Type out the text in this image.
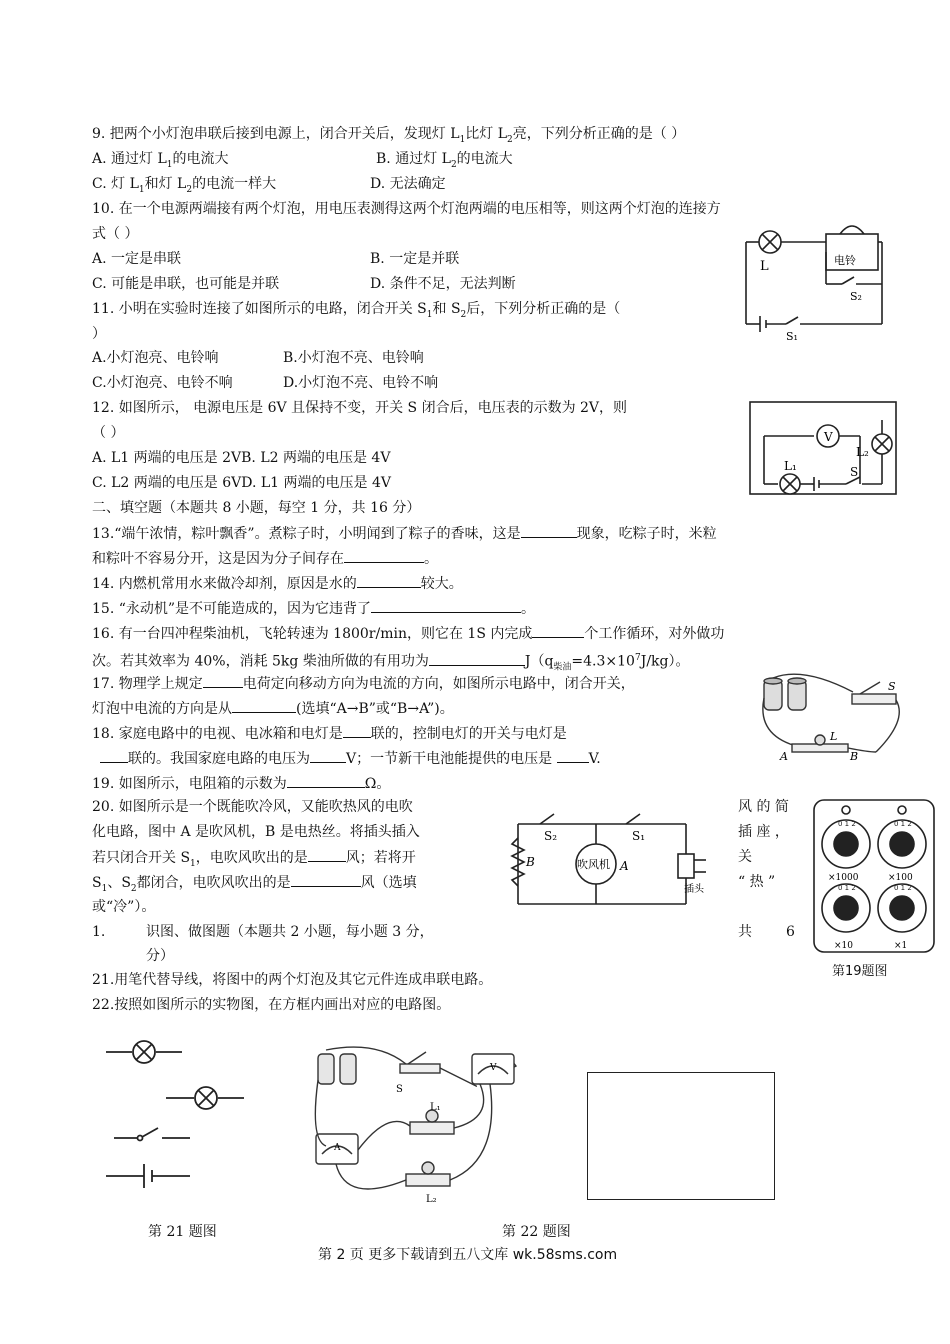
9. 把两个小灯泡串联后接到电源上，闭合开关后，发现灯 $L_1$比灯 $L_2$亮，下列分析正确的是（ ）
A. 通过灯 $L_1$的电流大	B. 通过灯 $L_2$的电流大
C. 灯 $L_1$和灯 $L_2$的电流一样大	D. 无法确定
10. 在一个电源两端接有两个灯泡，用电压表测得这两个灯泡两端的电压相等，则这两个灯泡的连接方
式（ ）
A. 一定是串联	B. 一定是并联
C. 可能是串联，也可能是并联	D. 条件不足，无法判断
L	电铃
S₂
S₁
11. 小明在实验时连接了如图所示的电路，闭合开关 $S_1$和 $S_2$后，下列分析正确的是（
）
A.小灯泡亮、电铃响	B.小灯泡不亮、电铃响
C.小灯泡亮、电铃不响	D.小灯泡不亮、电铃不响
V
L₁
L₂
S
12. 如图所示， 电源电压是 6V 且保持不变，开关 S 闭合后，电压表的示数为 2V，则
（ ）
A. L1 两端的电压是 2VB. L2 两端的电压是 4V
C. L2 两端的电压是 6VD. L1 两端的电压是 4V
二、填空题（本题共 8 小题，每空 1 分，共 16 分）
13.“端午浓情，粽叶飘香”。煮粽子时，小明闻到了粽子的香味，这是	现象，吃粽子时，米粒
和粽叶不容易分开，这是因为分子间存在	。
14. 内燃机常用水来做冷却剂，原因是水的	较大。
15. “永动机”是不可能造成的，因为它违背了	。
16. 有一台四冲程柴油机，飞轮转速为 1800r/min，则它在 1S 内完成	个工作循环，对外做功
次。若其效率为 40%，消耗 5kg 柴油所做的有用功为	$J(q_{柴油}=4.3\times 10^7J/kg)$。
S
A	B
L
17. 物理学上规定	电荷定向移动方向为电流的方向，如图所示电路中，闭合开关，
灯泡中电流的方向是从	(选填“A→B”或“B→A”)。
18. 家庭电路中的电视、电冰箱和电灯是 联的，控制电灯的开关与电灯是
联的。我国家庭电路的电压为	V；一节新干电池能提供的电压是	V.
19. 如图所示，电阻箱的示数为	Ω。
S₂	S₁
B	A
吹风机
插头
20. 如图所示是一个既能吹冷风，又能吹热风的电吹	风 的 简
化电路，图中 A 是吹风机，B 是电热丝。将插头插入	插 座 ，
若只闭合开关 $S_1$，电吹风吹出的是	风；若将开	关
$S_1$、$S_2$都闭合，电吹风吹出的是	风（选填	“ 热 ”
或“冷”）。
1.	识图、做图题（本题共 2 小题，每小题 3 分，	共 6
分）
0 1 2	0 1 2
0 1 2	0 1 2
×1000	×100
×10	×1
第19题图
21.用笔代替导线，将图中的两个灯泡及其它元件连成串联电路。
22.按照如图所示的实物图，在方框内画出对应的电路图。
S
L₁
L₂
A
V
第 21 题图	第 22 题图
第 2 页 更多下载请到五八文库 wk.58sms.com
